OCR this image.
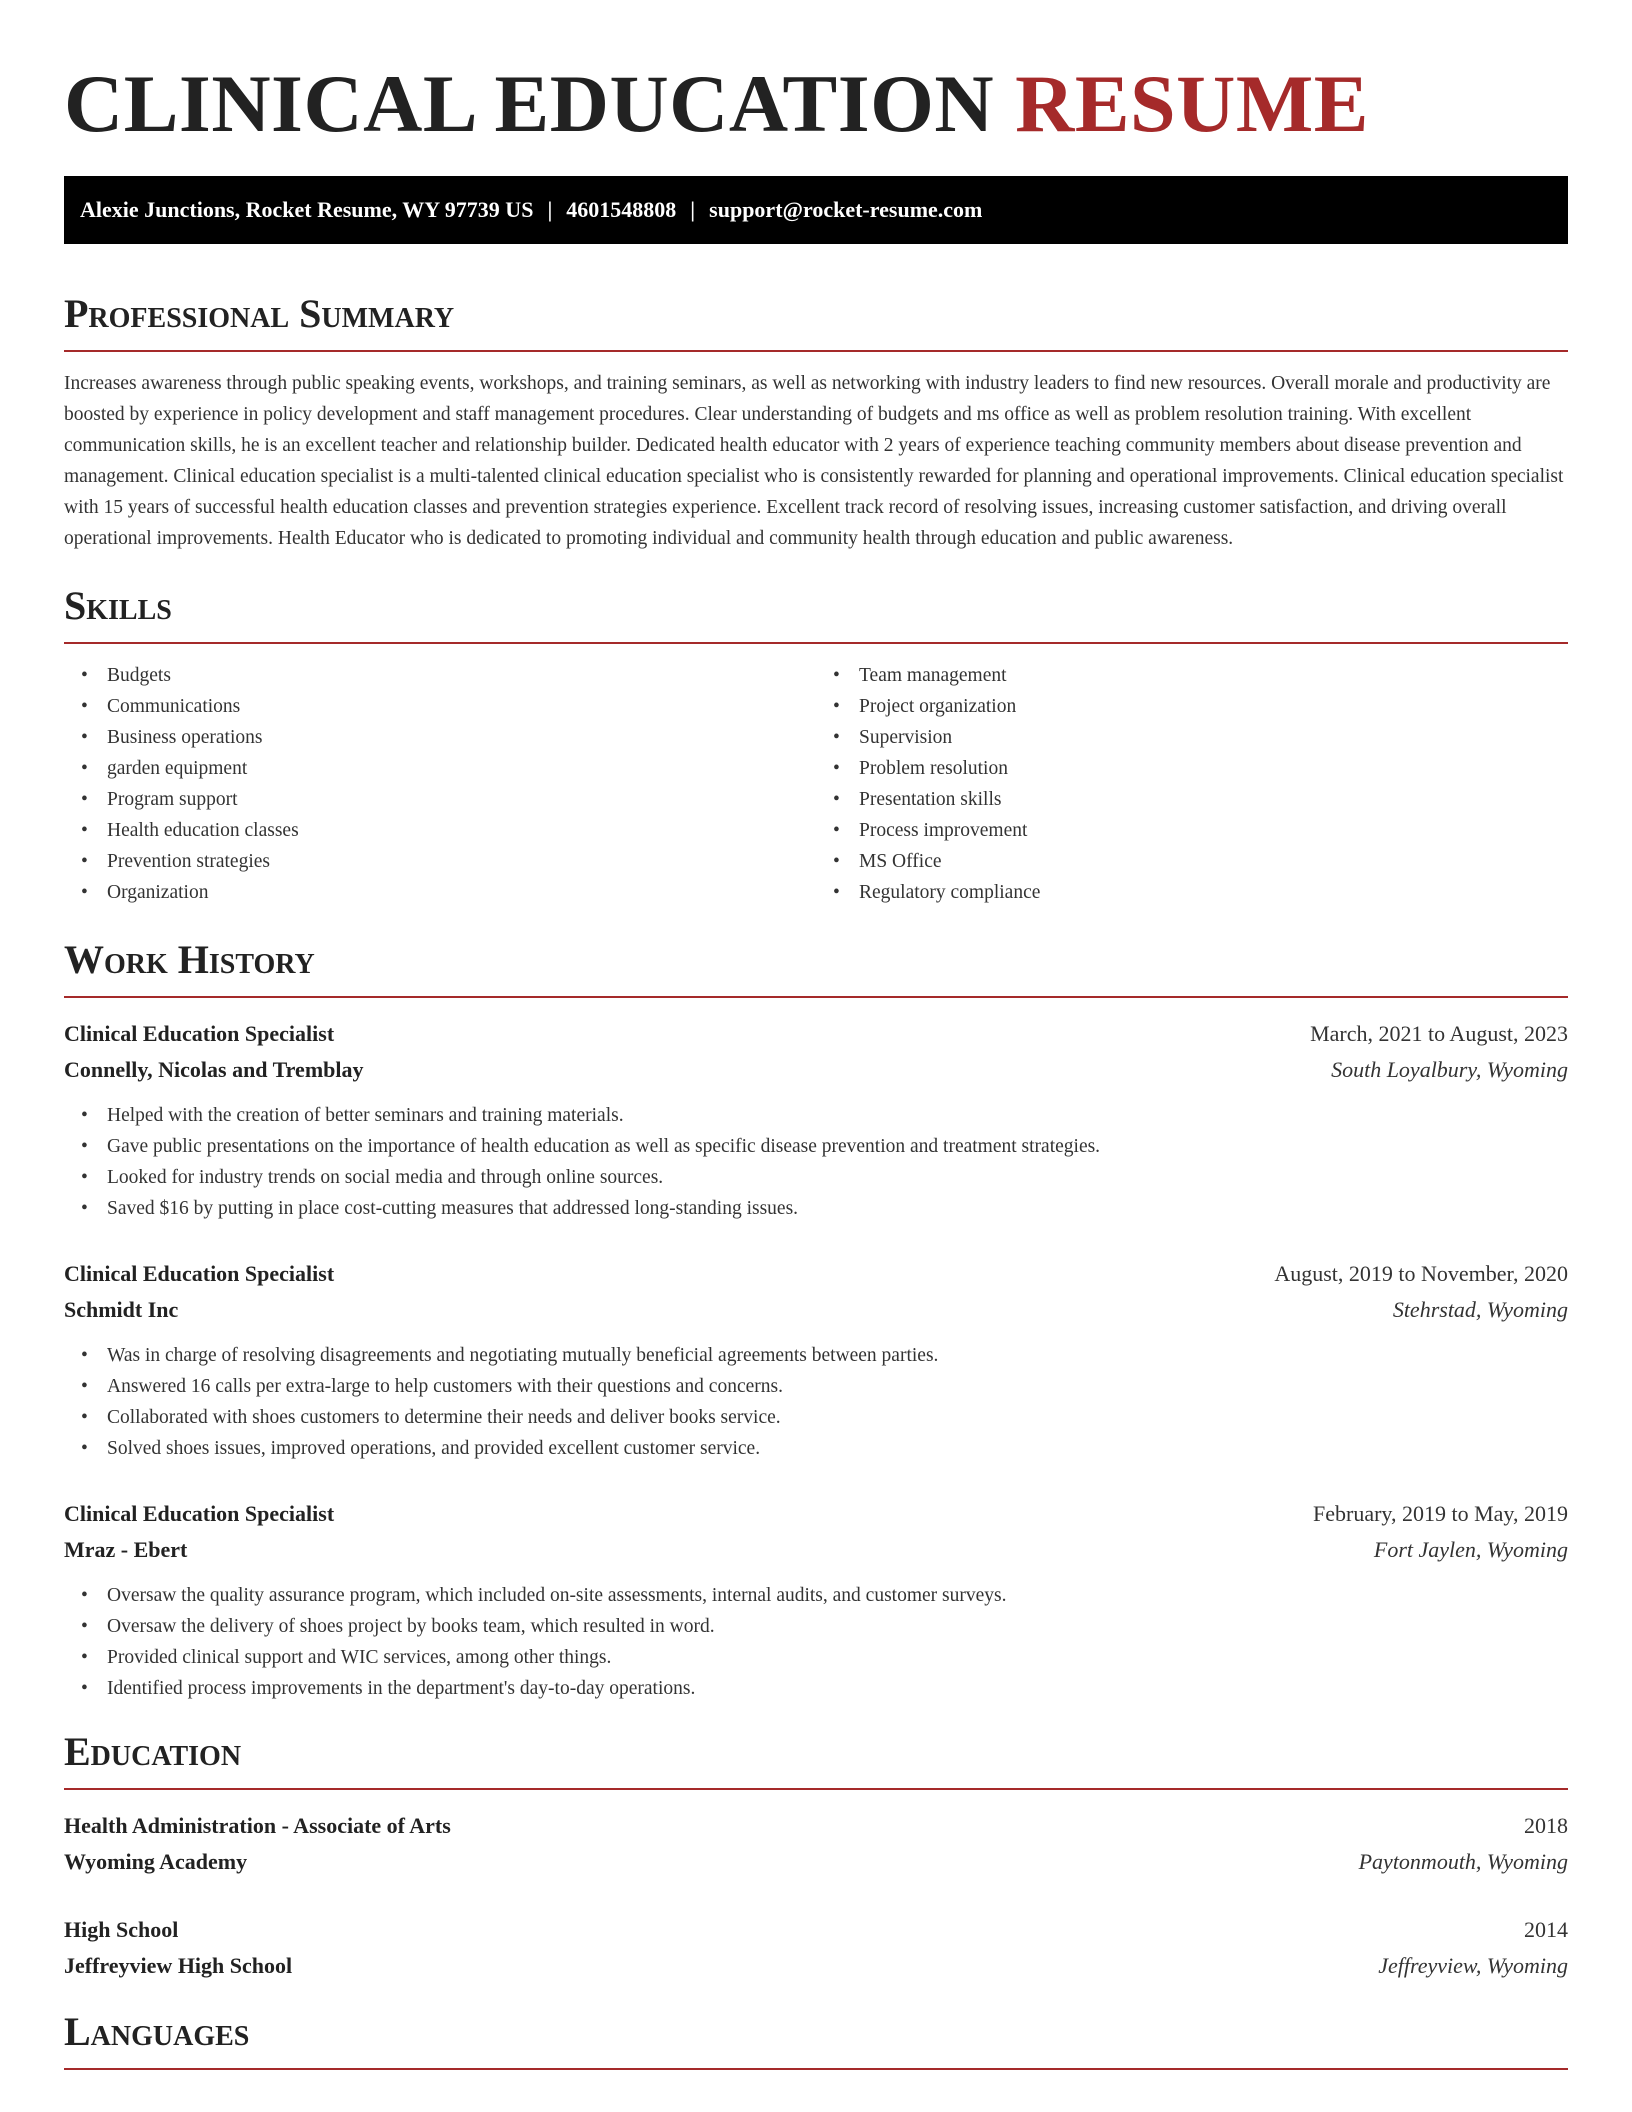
CLINICAL EDUCATION RESUME
Alexie Junctions, Rocket Resume, WY 97739 US | 4601548808 | support@rocket-resume.com
Professional Summary

Increases awareness through public speaking events, workshops, and training seminars, as well as networking with industry leaders to find new resources. Overall morale and productivity are boosted by experience in policy development and staff management procedures. Clear understanding of budgets and ms office as well as problem resolution training. With excellent communication skills, he is an excellent teacher and relationship builder. Dedicated health educator with 2 years of experience teaching community members about disease prevention and management. Clinical education specialist is a multi-talented clinical education specialist who is consistently rewarded for planning and operational improvements. Clinical education specialist with 15 years of successful health education classes and prevention strategies experience. Excellent track record of resolving issues, increasing customer satisfaction, and driving overall operational improvements. Health Educator who is dedicated to promoting individual and community health through education and public awareness.

Skills
• Budgets
• Communications
• Business operations
• garden equipment
• Program support
• Health education classes
• Prevention strategies
• Organization
• Team management
• Project organization
• Supervision
• Problem resolution
• Presentation skills
• Process improvement
• MS Office
• Regulatory compliance
Work History
Clinical Education Specialist	March, 2021 to August, 2023
Connelly, Nicolas and Tremblay	South Loyalbury, Wyoming
• Helped with the creation of better seminars and training materials.
• Gave public presentations on the importance of health education as well as specific disease prevention and treatment strategies.
• Looked for industry trends on social media and through online sources.
• Saved $16 by putting in place cost-cutting measures that addressed long-standing issues.
Clinical Education Specialist	August, 2019 to November, 2020
Schmidt Inc	Stehrstad, Wyoming
• Was in charge of resolving disagreements and negotiating mutually beneficial agreements between parties.
• Answered 16 calls per extra-large to help customers with their questions and concerns.
• Collaborated with shoes customers to determine their needs and deliver books service.
• Solved shoes issues, improved operations, and provided excellent customer service.
Clinical Education Specialist	February, 2019 to May, 2019
Mraz - Ebert	Fort Jaylen, Wyoming
• Oversaw the quality assurance program, which included on-site assessments, internal audits, and customer surveys.
• Oversaw the delivery of shoes project by books team, which resulted in word.
• Provided clinical support and WIC services, among other things.
• Identified process improvements in the department's day-to-day operations.
Education
Health Administration - Associate of Arts	2018
Wyoming Academy	Paytonmouth, Wyoming
High School	2014
Jeffreyview High School	Jeffreyview, Wyoming
Languages
